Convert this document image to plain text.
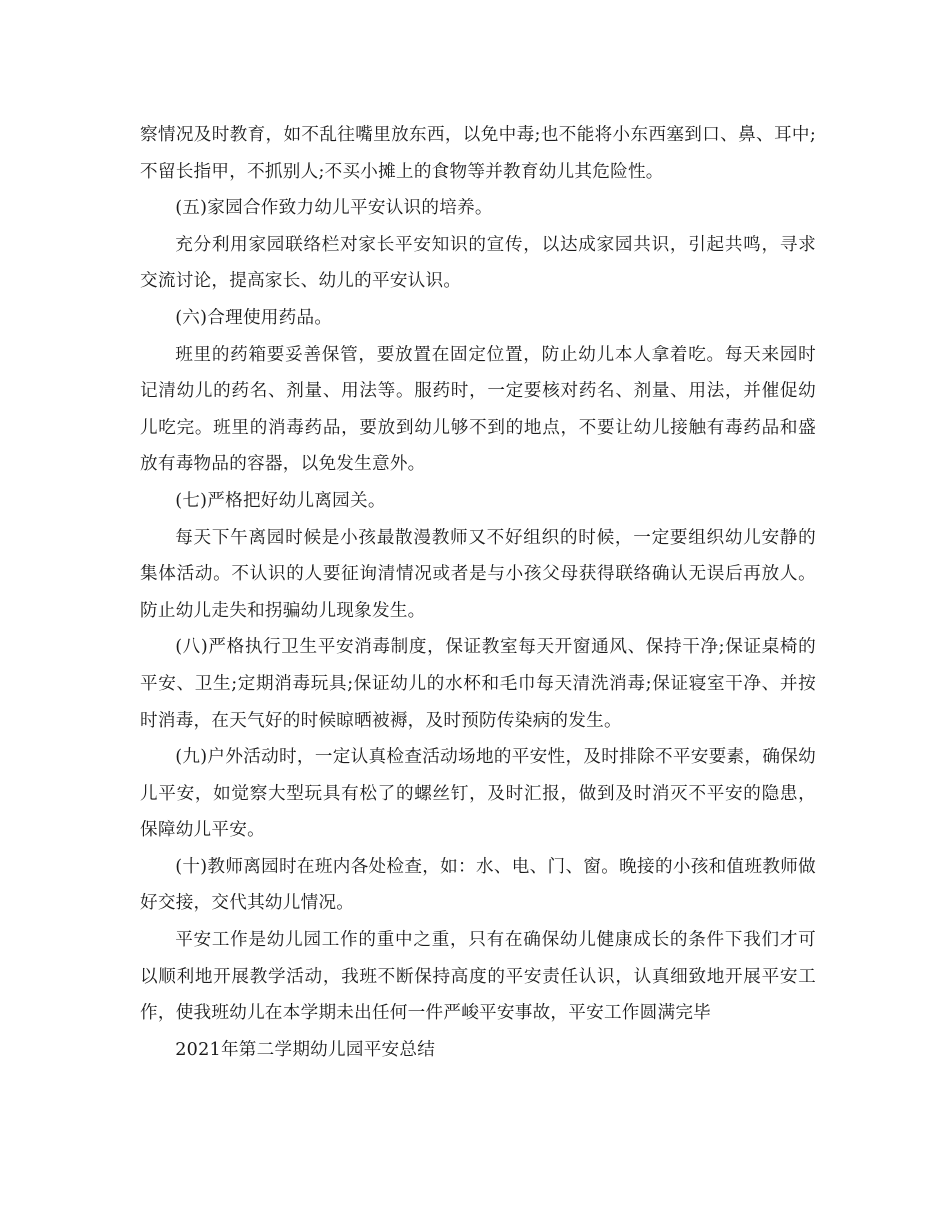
察情况及时教育，如不乱往嘴里放东西，以免中毒;也不能将小东西塞到口、鼻、耳中;不留长指甲，不抓别人;不买小摊上的食物等并教育幼儿其危险性。

(五)家园合作致力幼儿平安认识的培养。

充分利用家园联络栏对家长平安知识的宣传，以达成家园共识，引起共鸣，寻求交流讨论，提高家长、幼儿的平安认识。

(六)合理使用药品。

班里的药箱要妥善保管，要放置在固定位置，防止幼儿本人拿着吃。每天来园时记清幼儿的药名、剂量、用法等。服药时，一定要核对药名、剂量、用法，并催促幼儿吃完。班里的消毒药品，要放到幼儿够不到的地点，不要让幼儿接触有毒药品和盛放有毒物品的容器，以免发生意外。

(七)严格把好幼儿离园关。

每天下午离园时候是小孩最散漫教师又不好组织的时候，一定要组织幼儿安静的集体活动。不认识的人要征询清情况或者是与小孩父母获得联络确认无误后再放人。防止幼儿走失和拐骗幼儿现象发生。

(八)严格执行卫生平安消毒制度，保证教室每天开窗通风、保持干净;保证桌椅的平安、卫生;定期消毒玩具;保证幼儿的水杯和毛巾每天清洗消毒;保证寝室干净、并按时消毒，在天气好的时候晾晒被褥，及时预防传染病的发生。

(九)户外活动时，一定认真检查活动场地的平安性，及时排除不平安要素，确保幼儿平安，如觉察大型玩具有松了的螺丝钉，及时汇报，做到及时消灭不平安的隐患，保障幼儿平安。

(十)教师离园时在班内各处检查，如：水、电、门、窗。晚接的小孩和值班教师做好交接，交代其幼儿情况。

平安工作是幼儿园工作的重中之重，只有在确保幼儿健康成长的条件下我们才可以顺利地开展教学活动，我班不断保持高度的平安责任认识，认真细致地开展平安工作，使我班幼儿在本学期未出任何一件严峻平安事故，平安工作圆满完毕

2021年第二学期幼儿园平安总结
